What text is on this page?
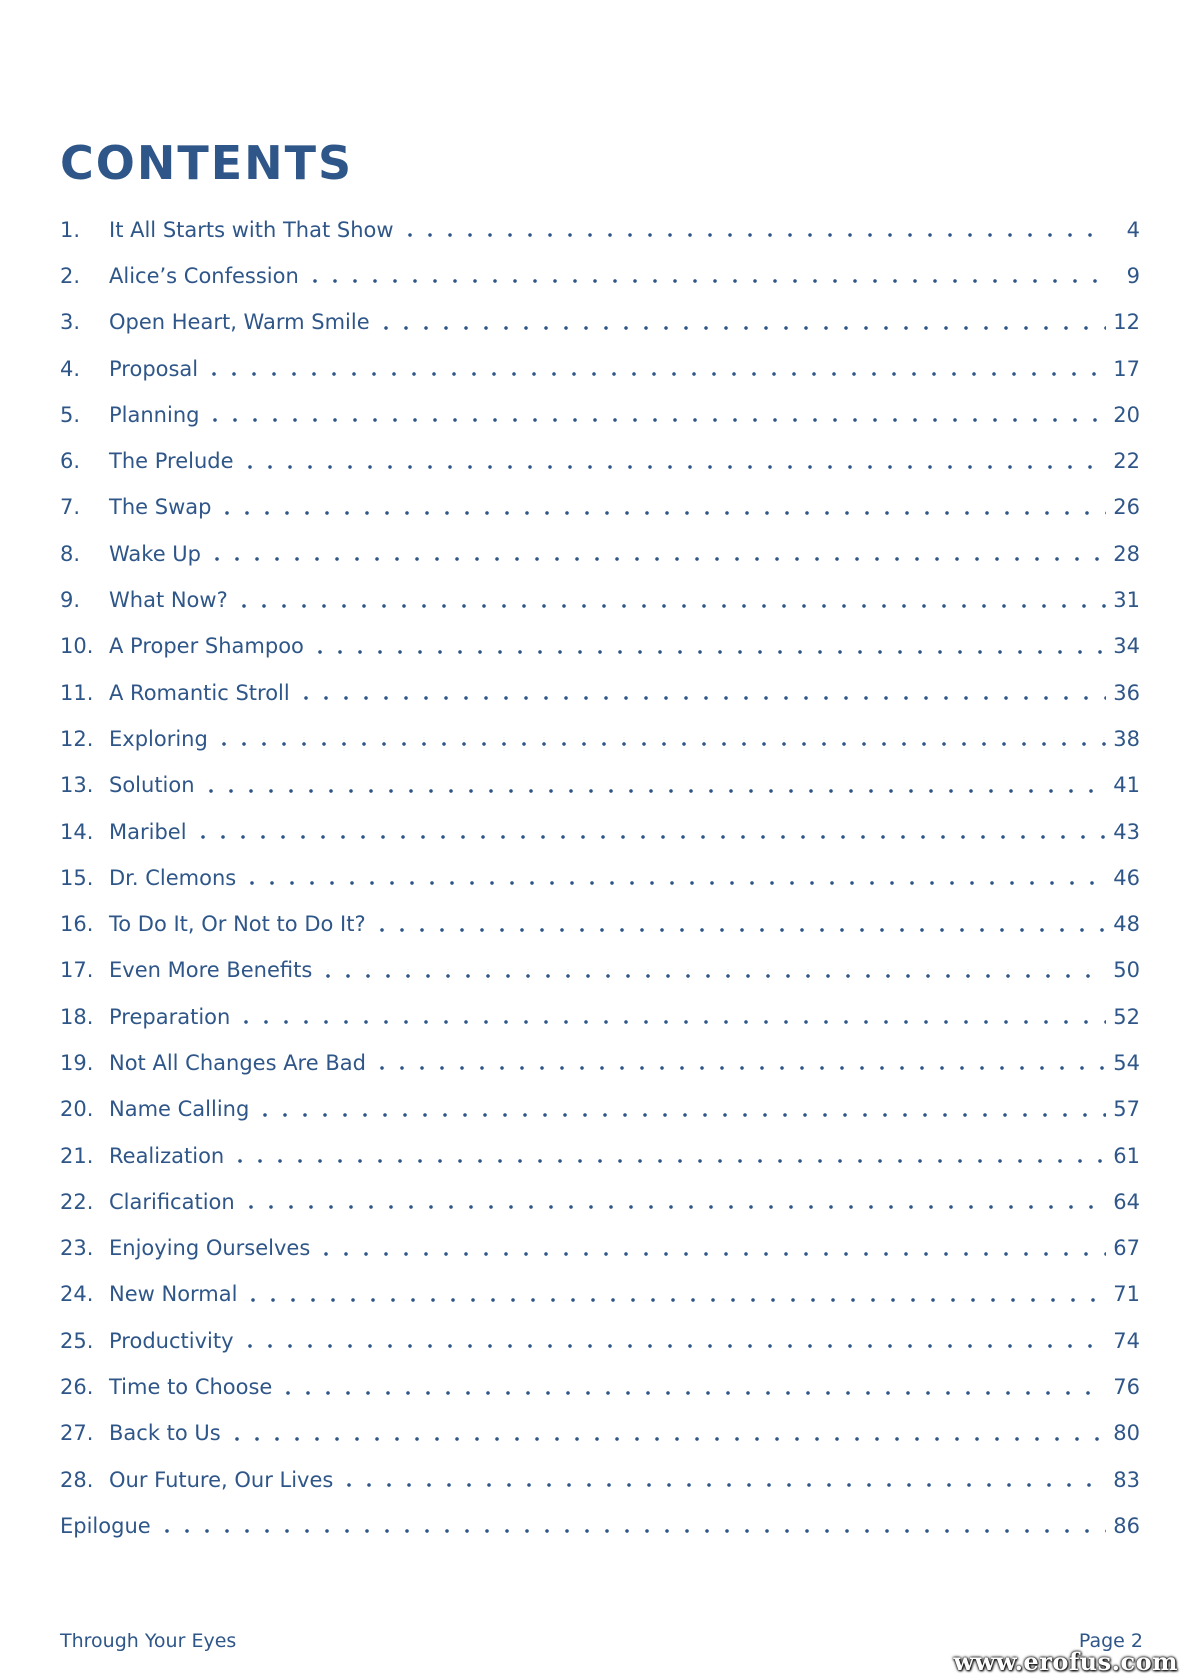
CONTENTS
1.	It All Starts with That Show	4
2.	Alice’s Confession	9
3.	Open Heart, Warm Smile	12
4.	Proposal	17
5.	Planning	20
6.	The Prelude	22
7.	The Swap	26
8.	Wake Up	28
9.	What Now?	31
10. A Proper Shampoo	34
11. A Romantic Stroll	36
12. Exploring	38
13. Solution	41
14. Maribel	43
15. Dr. Clemons	46
16. To Do It, Or Not to Do It?	48
17. Even More Benefits	50
18. Preparation	52
19. Not All Changes Are Bad	54
20. Name Calling	57
21. Realization	61
22. Clarification	64
23. Enjoying Ourselves	67
24. New Normal	71
25. Productivity	74
26. Time to Choose	76
27. Back to Us	80
28. Our Future, Our Lives	83
Epilogue	86
Through Your Eyes	Page 2
www.erofus.com
